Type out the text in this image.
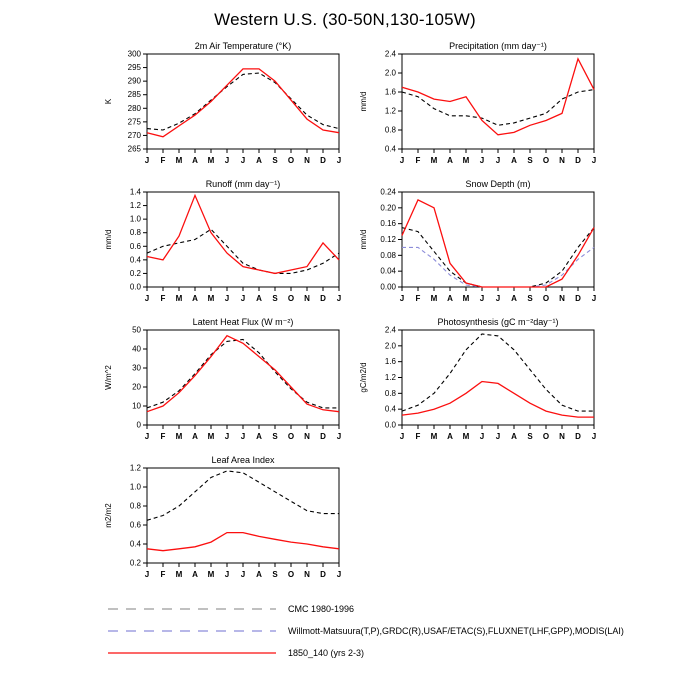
Western U.S. (30-50N,130-105W)
2m Air Temperature (°K)
265
270
275
280
285
290
295
300
J F M A M J J A S O N D J
K
Precipitation (mm day⁻¹)
0.4
0.8
1.2
1.6
2.0
2.4
J F M A M J J A S O N D J
mm/d
Runoff (mm day⁻¹)
0.0
0.2
0.4
0.6
0.8
1.0
1.2
1.4
J F M A M J J A S O N D J
mm/d
Snow Depth (m)
0.00
0.04
0.08
0.12
0.16
0.20
0.24
J F M A M J J A S O N D J
mm/d
Latent Heat Flux (W m⁻²)
0
10
20
30
40
50
J F M A M J J A S O N D J
W/m^2
Photosynthesis (gC m⁻²day⁻¹)
0.0
0.4
0.8
1.2
1.6
2.0
2.4
J F M A M J J A S O N D J
gC/m2/d
Leaf Area Index
0.2
0.4
0.6
0.8
1.0
1.2
J F M A M J J A S O N D J
m2/m2
CMC 1980-1996
Willmott-Matsuura(T,P),GRDC(R),USAF/ETAC(S),FLUXNET(LHF,GPP),MODIS(LAI)
1850_140 (yrs 2-3)
